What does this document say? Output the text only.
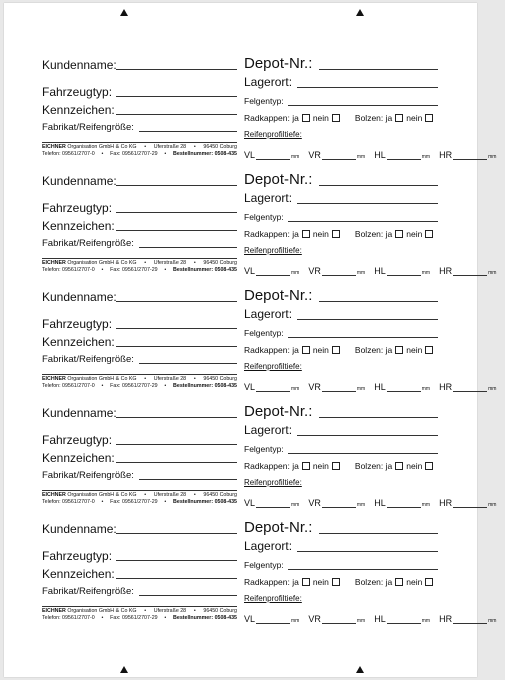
Kundenname:
Fahrzeugtyp:
Kennzeichen:
Fabrikat/Reifengröße:
EICHNER Organisation GmbH & Co KG • Uferstraße 28 • 96450 Coburg
Telefon: 09561/2707-0 • Fax: 09561/2707-29 • Bestellnummer: 0508-435
Depot-Nr.:
Lagerort:
Felgentyp:
Radkappen: ja nein	Bolzen: ja nein
Reifenprofiltiefe:
VL	mm VR	mm HL	mm HR	mm
Kundenname:
Fahrzeugtyp:
Kennzeichen:
Fabrikat/Reifengröße:
EICHNER Organisation GmbH & Co KG • Uferstraße 28 • 96450 Coburg
Telefon: 09561/2707-0 • Fax: 09561/2707-29 • Bestellnummer: 0508-435
Depot-Nr.:
Lagerort:
Felgentyp:
Radkappen: ja nein	Bolzen: ja nein
Reifenprofiltiefe:
VL	mm VR	mm HL	mm HR	mm
Kundenname:
Fahrzeugtyp:
Kennzeichen:
Fabrikat/Reifengröße:
EICHNER Organisation GmbH & Co KG • Uferstraße 28 • 96450 Coburg
Telefon: 09561/2707-0 • Fax: 09561/2707-29 • Bestellnummer: 0508-435
Depot-Nr.:
Lagerort:
Felgentyp:
Radkappen: ja nein	Bolzen: ja nein
Reifenprofiltiefe:
VL	mm VR	mm HL	mm HR	mm
Kundenname:
Fahrzeugtyp:
Kennzeichen:
Fabrikat/Reifengröße:
EICHNER Organisation GmbH & Co KG • Uferstraße 28 • 96450 Coburg
Telefon: 09561/2707-0 • Fax: 09561/2707-29 • Bestellnummer: 0508-435
Depot-Nr.:
Lagerort:
Felgentyp:
Radkappen: ja nein	Bolzen: ja nein
Reifenprofiltiefe:
VL	mm VR	mm HL	mm HR	mm
Kundenname:
Fahrzeugtyp:
Kennzeichen:
Fabrikat/Reifengröße:
EICHNER Organisation GmbH & Co KG • Uferstraße 28 • 96450 Coburg
Telefon: 09561/2707-0 • Fax: 09561/2707-29 • Bestellnummer: 0508-435
Depot-Nr.:
Lagerort:
Felgentyp:
Radkappen: ja nein	Bolzen: ja nein
Reifenprofiltiefe:
VL	mm VR	mm HL	mm HR	mm
